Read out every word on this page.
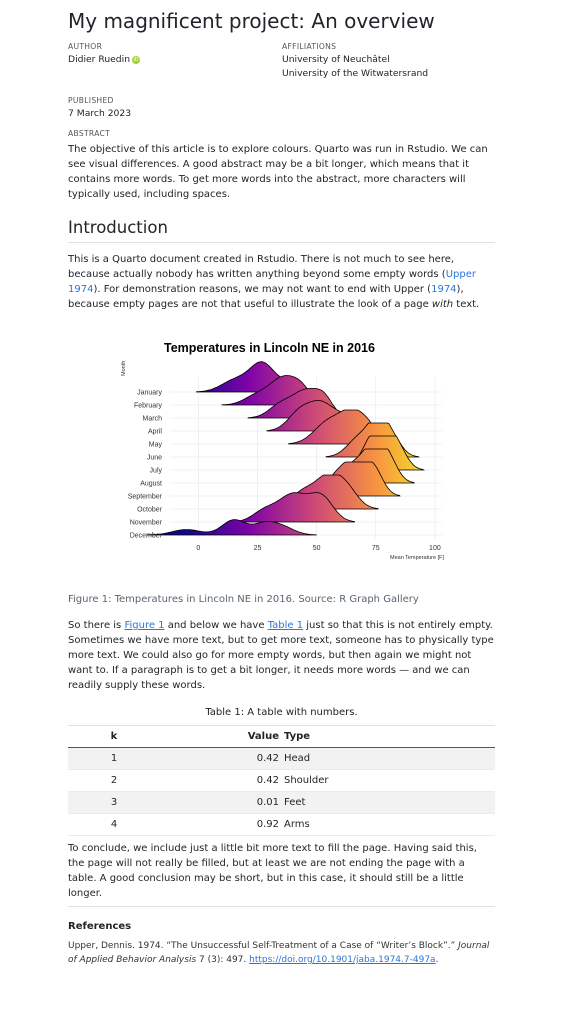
My magnificent project: An overview
AUTHOR
Didier Ruedin iD
AFFILIATIONS
University of Neuchâtel
University of the Witwatersrand
PUBLISHED
7 March 2023
ABSTRACT
The objective of this article is to explore colours. Quarto was run in Rstudio. We can see visual differences. A good abstract may be a bit longer, which means that it contains more words. To get more words into the abstract, more characters will typically used, including spaces.
Introduction
This is a Quarto document created in Rstudio. There is not much to see here, because actually nobody has written anything beyond some empty words (Upper 1974). For demonstration reasons, we may not want to end with Upper (1974), because empty pages are not that useful to illustrate the look of a page with text.
January
February
March
April
May
June
July
August
September
October
November
December
0	25	50	75	100
Temperatures in Lincoln NE in 2016
Month
Mean Temperature [F]
Figure 1: Temperatures in Lincoln NE in 2016. Source: R Graph Gallery
So there is Figure 1 and below we have Table 1 just so that this is not entirely empty. Sometimes we have more text, but to get more text, someone has to physically type more text. We could also go for more empty words, but then again we might not want to. If a paragraph is to get a bit longer, it needs more words — and we can readily supply these words.
Table 1: A table with numbers.
k	Value	Type
1	0.42	Head
2	0.42	Shoulder
3	0.01	Feet
4	0.92	Arms
To conclude, we include just a little bit more text to fill the page. Having said this, the page will not really be filled, but at least we are not ending the page with a table. A good conclusion may be short, but in this case, it should still be a little longer.
References
Upper, Dennis. 1974. “The Unsuccessful Self-Treatment of a Case of “Writer’s Block”.” Journal of Applied Behavior Analysis 7 (3): 497. https://doi.org/10.1901/jaba.1974.7-497a.
